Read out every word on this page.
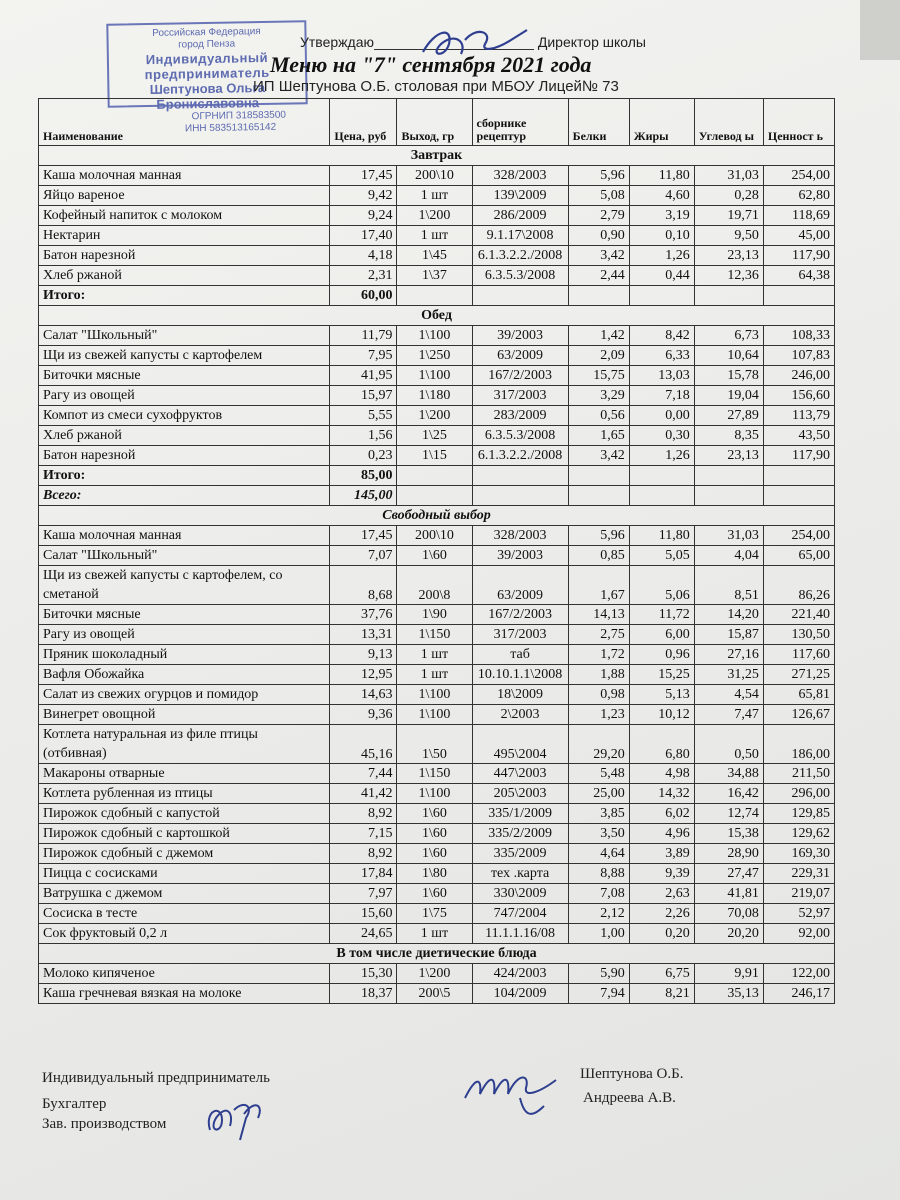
Российская Федерация
город Пенза
Индивидуальный предприниматель
Шептунова Ольга Брониславовна
ОГРНИП 318583500
ИНН 583513165142
Утверждаю	Директор школы
Меню на "7" сентября 2021 года
ИП Шептунова О.Б. столовая при МБОУ Лицей№ 73
Наименование	Цена, руб	Выход, гр	сборнике рецептур	Белки	Жиры	Углевод ы	Ценност ь
Завтрак							
Каша молочная манная	17,45	200\10	328/2003	5,96	11,80	31,03	254,00
Яйцо вареное	9,42	1 шт	139\2009	5,08	4,60	0,28	62,80
Кофейный напиток с молоком	9,24	1\200	286/2009	2,79	3,19	19,71	118,69
Нектарин	17,40	1 шт	9.1.17\2008	0,90	0,10	9,50	45,00
Батон нарезной	4,18	1\45	6.1.3.2.2./2008	3,42	1,26	23,13	117,90
Хлеб ржаной	2,31	1\37	6.3.5.3/2008	2,44	0,44	12,36	64,38
Итого:	60,00						
Обед							
Салат "Школьный"	11,79	1\100	39/2003	1,42	8,42	6,73	108,33
Щи из свежей капусты с картофелем	7,95	1\250	63/2009	2,09	6,33	10,64	107,83
Биточки мясные	41,95	1\100	167/2/2003	15,75	13,03	15,78	246,00
Рагу из овощей	15,97	1\180	317/2003	3,29	7,18	19,04	156,60
Компот из смеси сухофруктов	5,55	1\200	283/2009	0,56	0,00	27,89	113,79
Хлеб ржаной	1,56	1\25	6.3.5.3/2008	1,65	0,30	8,35	43,50
Батон нарезной	0,23	1\15	6.1.3.2.2./2008	3,42	1,26	23,13	117,90
Итого:	85,00						
Всего:	145,00						
Свободный выбор							
Каша молочная манная	17,45	200\10	328/2003	5,96	11,80	31,03	254,00
Салат "Школьный"	7,07	1\60	39/2003	0,85	5,05	4,04	65,00

Щи из свежей капусты с картофелем, со
сметаной	8,68	200\8	63/2009	1,67	5,06	8,51	86,26
Биточки мясные	37,76	1\90	167/2/2003	14,13	11,72	14,20	221,40
Рагу из овощей	13,31	1\150	317/2003	2,75	6,00	15,87	130,50
Пряник шоколадный	9,13	1 шт	таб	1,72	0,96	27,16	117,60
Вафля Обожайка	12,95	1 шт	10.10.1.1\2008	1,88	15,25	31,25	271,25
Салат из свежих огурцов и помидор	14,63	1\100	18\2009	0,98	5,13	4,54	65,81
Винегрет овощной	9,36	1\100	2\2003	1,23	10,12	7,47	126,67

Котлета натуральная из филе птицы
(отбивная)	45,16	1\50	495\2004	29,20	6,80	0,50	186,00
Макароны отварные	7,44	1\150	447\2003	5,48	4,98	34,88	211,50
Котлета рубленная из птицы	41,42	1\100	205\2003	25,00	14,32	16,42	296,00
Пирожок сдобный с капустой	8,92	1\60	335/1/2009	3,85	6,02	12,74	129,85
Пирожок сдобный с картошкой	7,15	1\60	335/2/2009	3,50	4,96	15,38	129,62
Пирожок сдобный с джемом	8,92	1\60	335/2009	4,64	3,89	28,90	169,30
Пицца с сосисками	17,84	1\80	тех .карта	8,88	9,39	27,47	229,31
Ватрушка с джемом	7,97	1\60	330\2009	7,08	2,63	41,81	219,07
Сосиска в тесте	15,60	1\75	747/2004	2,12	2,26	70,08	52,97
Сок фруктовый 0,2 л	24,65	1 шт	11.1.1.16/08	1,00	0,20	20,20	92,00
В том числе диетические блюда							
Молоко кипяченое	15,30	1\200	424/2003	5,90	6,75	9,91	122,00
Каша гречневая вязкая на молоке	18,37	200\5	104/2009	7,94	8,21	35,13	246,17
Индивидуальный предприниматель	Шептунова О.Б.
Бухгалтер	Андреева А.В.
Зав. производством
